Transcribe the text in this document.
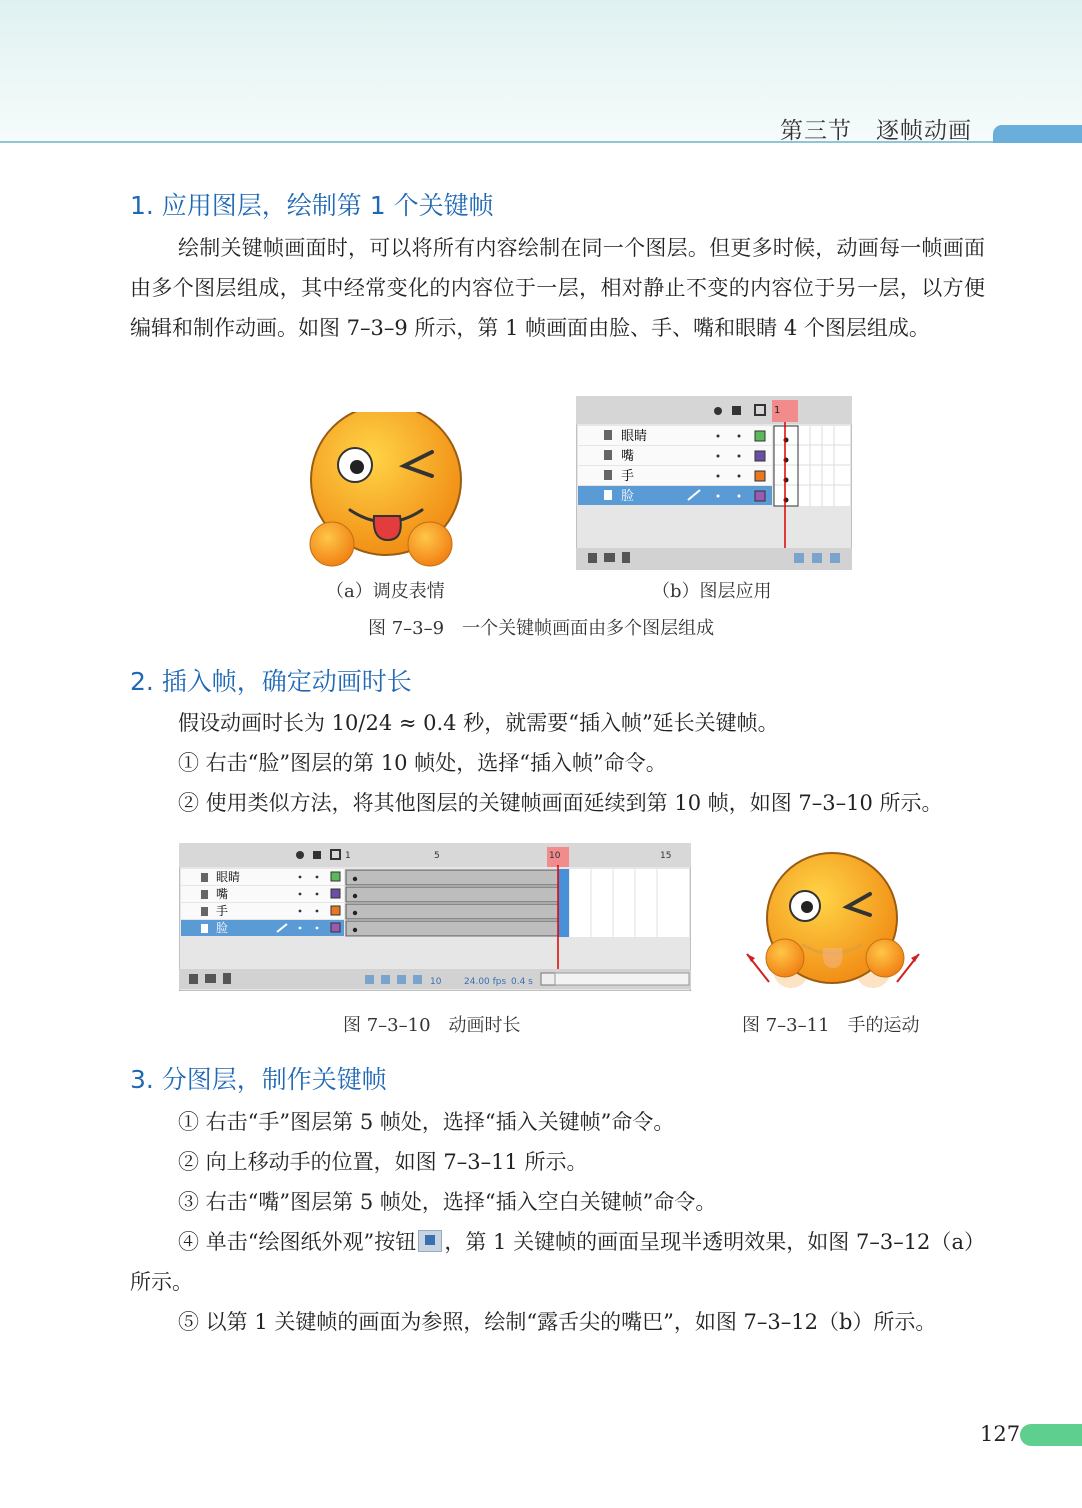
第三节　逐帧动画
1. 应用图层，绘制第 1 个关键帧

绘制关键帧画面时，可以将所有内容绘制在同一个图层。但更多时候，动画每一帧画面由多个图层组成，其中经常变化的内容位于一层，相对静止不变的内容位于另一层，以方便编辑和制作动画。如图 7–3–9 所示，第 1 帧画面由脸、手、嘴和眼睛 4 个图层组成。

1
眼睛
嘴
手
脸
（a）调皮表情	（b）图层应用
图 7–3–9　一个关键帧画面由多个图层组成
2. 插入帧，确定动画时长

假设动画时长为 10/24 ≈ 0.4 秒，就需要“插入帧”延长关键帧。

① 右击“脸”图层的第 10 帧处，选择“插入帧”命令。

② 使用类似方法，将其他图层的关键帧画面延续到第 10 帧，如图 7–3–10 所示。

1	5	10	15
眼睛
嘴
手
脸
10	24.00 fps 0.4 s
图 7–3–10　动画时长	图 7–3–11　手的运动
3. 分图层，制作关键帧

① 右击“手”图层第 5 帧处，选择“插入关键帧”命令。

② 向上移动手的位置，如图 7–3–11 所示。

③ 右击“嘴”图层第 5 帧处，选择“插入空白关键帧”命令。

④ 单击“绘图纸外观”按钮 ，第 1 关键帧的画面呈现半透明效果，如图 7–3–12（a）所示。

⑤ 以第 1 关键帧的画面为参照，绘制“露舌尖的嘴巴”，如图 7–3–12（b）所示。

127
